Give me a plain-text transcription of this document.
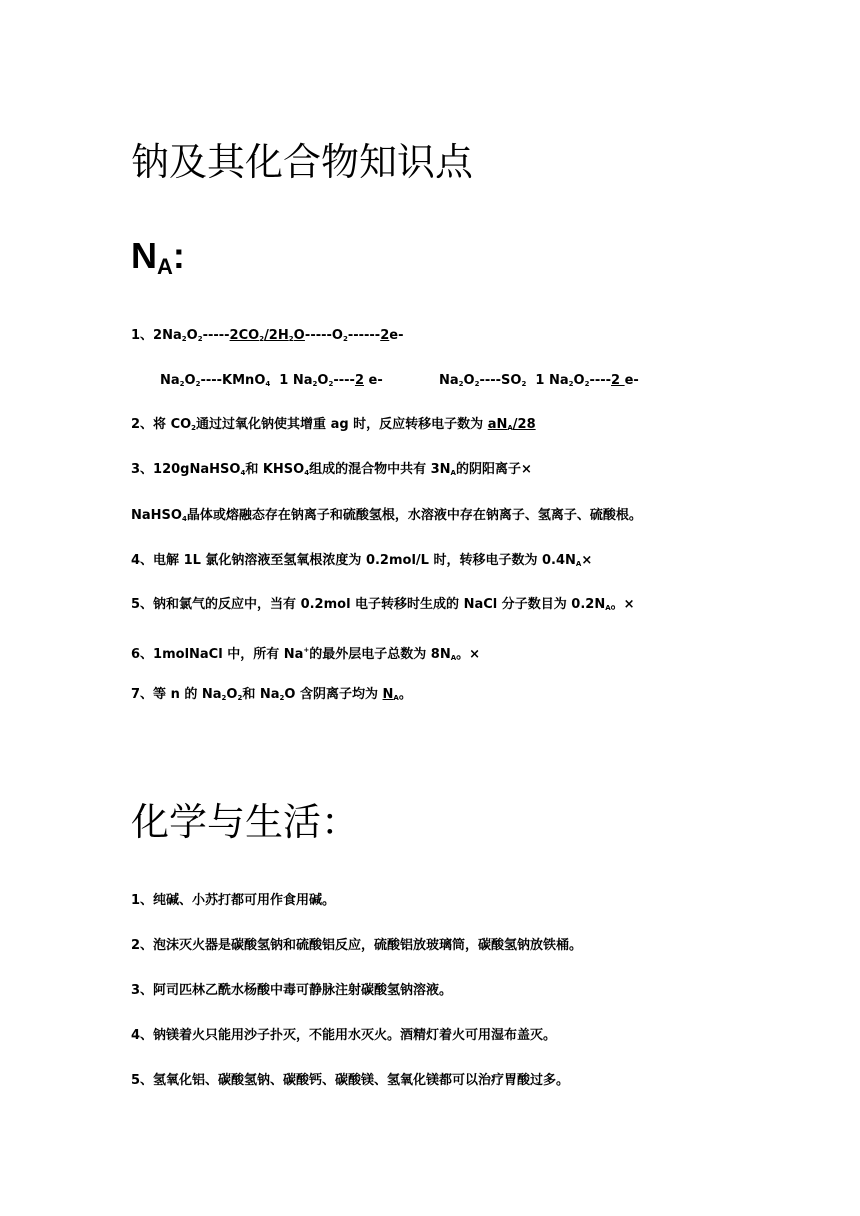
钠及其化合物知识点
$N_A$:
1、$2Na_2O_2-----2CO_2/2H_2O-----O_2------2e-$
$Na_2O_2----KMnO_4$  1 $Na_2O_2----2$ e-	$Na_2O_2----SO_2$  1 $Na_2O_2----2$ e-
2、将 $CO_2$通过过氧化钠使其增重 ag 时，反应转移电子数为 $aN_A/28$
3、120gNaHSO$_4$和 $KHSO_4$组成的混合物中共有 $3N_A$的阴阳离子×
NaHSO$_4$晶体或熔融态存在钠离子和硫酸氢根，水溶液中存在钠离子、氢离子、硫酸根。
4、电解 1L 氯化钠溶液至氢氧根浓度为 0.2mol/L 时，转移电子数为 $0.4N_A\times$
5、钠和氯气的反应中，当有 0.2mol 电子转移时生成的 NaCl 分子数目为 $0.2N_A$。×
6、1molNaCl 中，所有 Na+的最外层电子总数为 $8N_A$。×
7、等 n 的 $Na_2O_2$和 $Na_2O$ 含阴离子均为 $N_A$。
化学与生活：
1、纯碱、小苏打都可用作食用碱。
2、泡沫灭火器是碳酸氢钠和硫酸铝反应，硫酸铝放玻璃筒，碳酸氢钠放铁桶。
3、阿司匹林乙酰水杨酸中毒可静脉注射碳酸氢钠溶液。
4、钠镁着火只能用沙子扑灭，不能用水灭火。酒精灯着火可用湿布盖灭。
5、氢氧化铝、碳酸氢钠、碳酸钙、碳酸镁、氢氧化镁都可以治疗胃酸过多。
